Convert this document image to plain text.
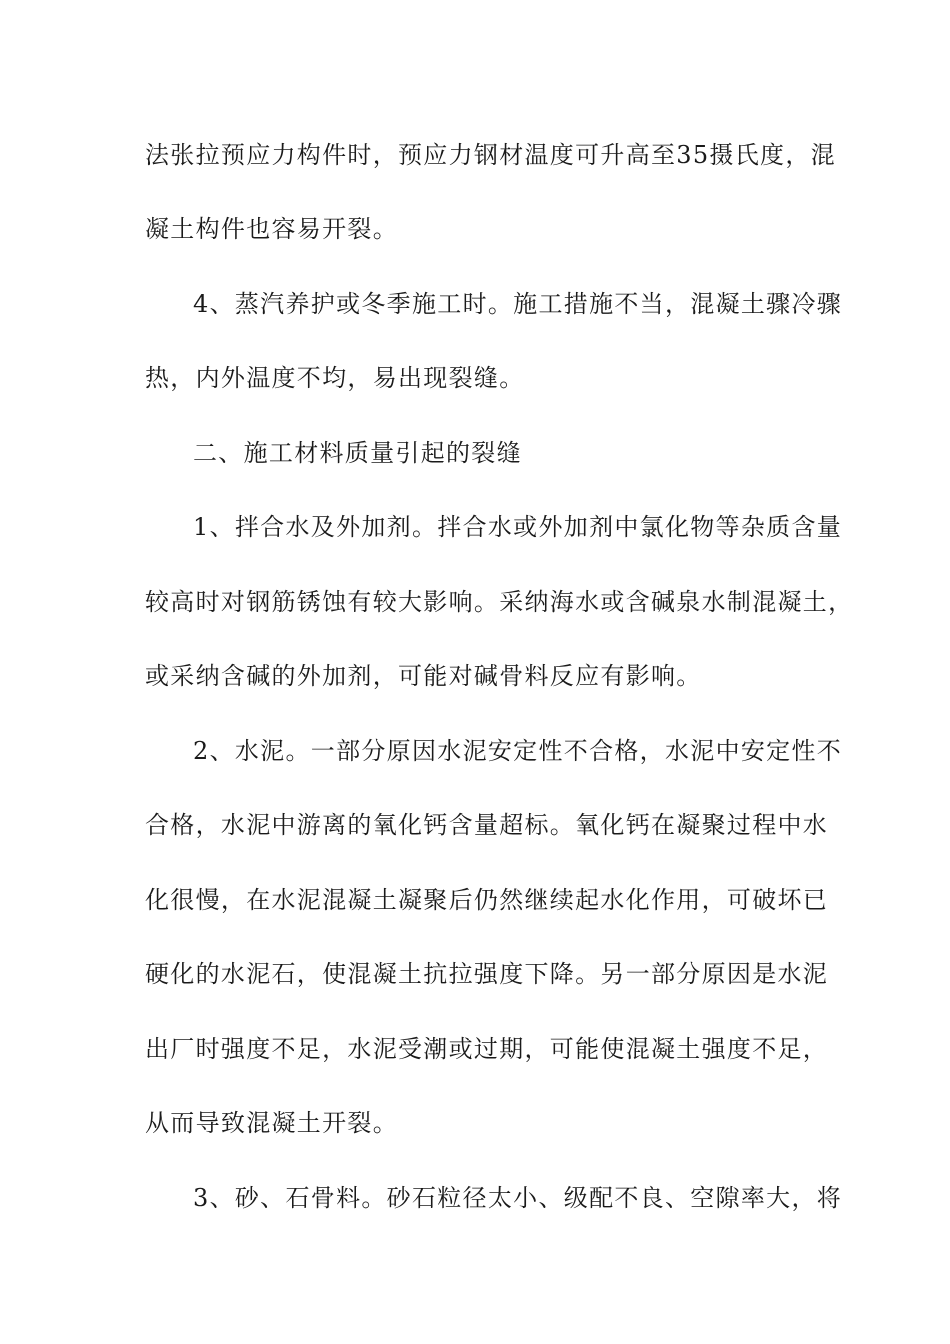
法张拉预应力构件时，预应力钢材温度可升高至35摄氏度，混
凝土构件也容易开裂。
4、蒸汽养护或冬季施工时。施工措施不当，混凝土骤冷骤
热，内外温度不均，易出现裂缝。
二、施工材料质量引起的裂缝
1、拌合水及外加剂。拌合水或外加剂中氯化物等杂质含量
较高时对钢筋锈蚀有较大影响。采纳海水或含碱泉水制混凝土，
或采纳含碱的外加剂，可能对碱骨料反应有影响。
2、水泥。一部分原因水泥安定性不合格，水泥中安定性不
合格，水泥中游离的氧化钙含量超标。氧化钙在凝聚过程中水
化很慢，在水泥混凝土凝聚后仍然继续起水化作用，可破坏已
硬化的水泥石，使混凝土抗拉强度下降。另一部分原因是水泥
出厂时强度不足，水泥受潮或过期，可能使混凝土强度不足，
从而导致混凝土开裂。
3、砂、石骨料。砂石粒径太小、级配不良、空隙率大，将
